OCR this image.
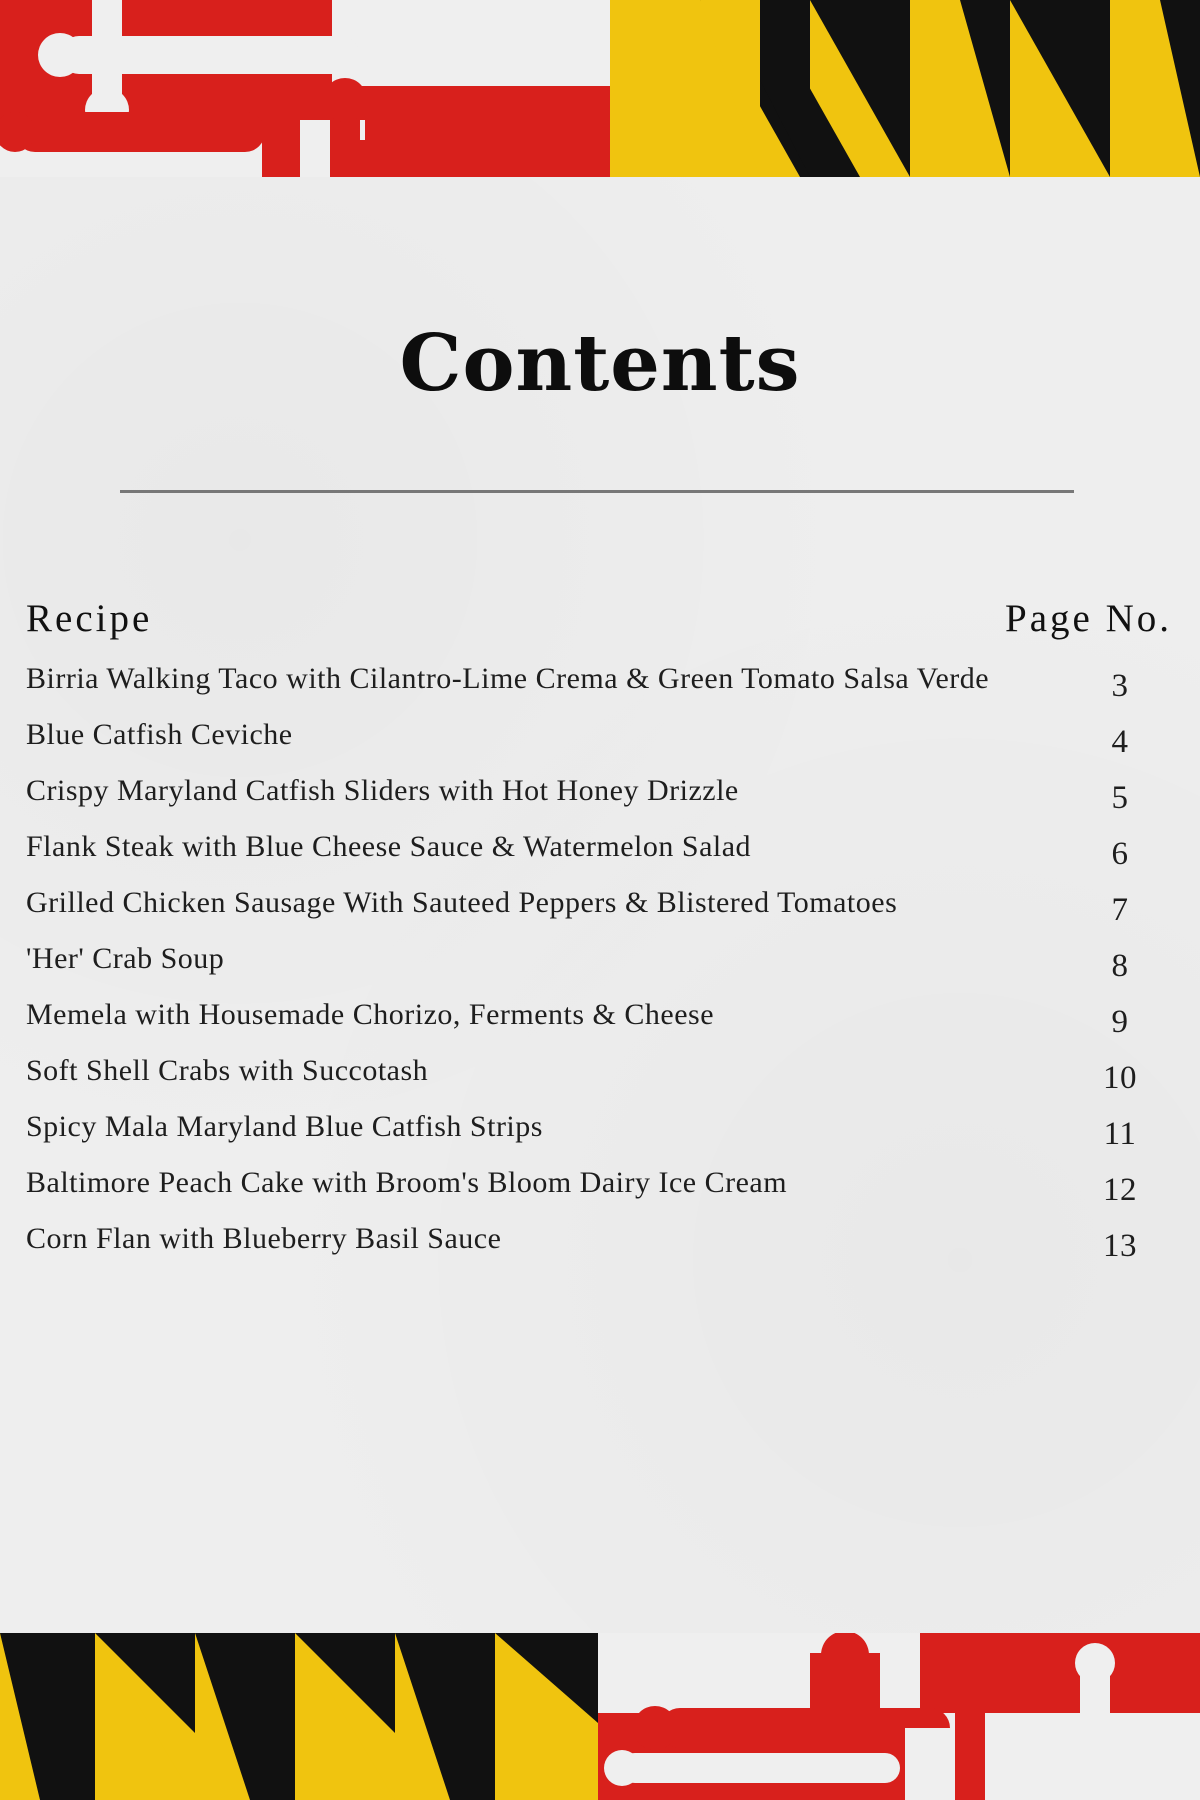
Contents
Recipe	Page No.
Birria Walking Taco with Cilantro-Lime Crema & Green Tomato Salsa Verde	3
Blue Catfish Ceviche	4
Crispy Maryland Catfish Sliders with Hot Honey Drizzle	5
Flank Steak with Blue Cheese Sauce & Watermelon Salad	6
Grilled Chicken Sausage With Sauteed Peppers & Blistered Tomatoes	7
'Her' Crab Soup	8
Memela with Housemade Chorizo, Ferments & Cheese	9
Soft Shell Crabs with Succotash	10
Spicy Mala Maryland Blue Catfish Strips	11
Baltimore Peach Cake with Broom's Bloom Dairy Ice Cream	12
Corn Flan with Blueberry Basil Sauce	13
